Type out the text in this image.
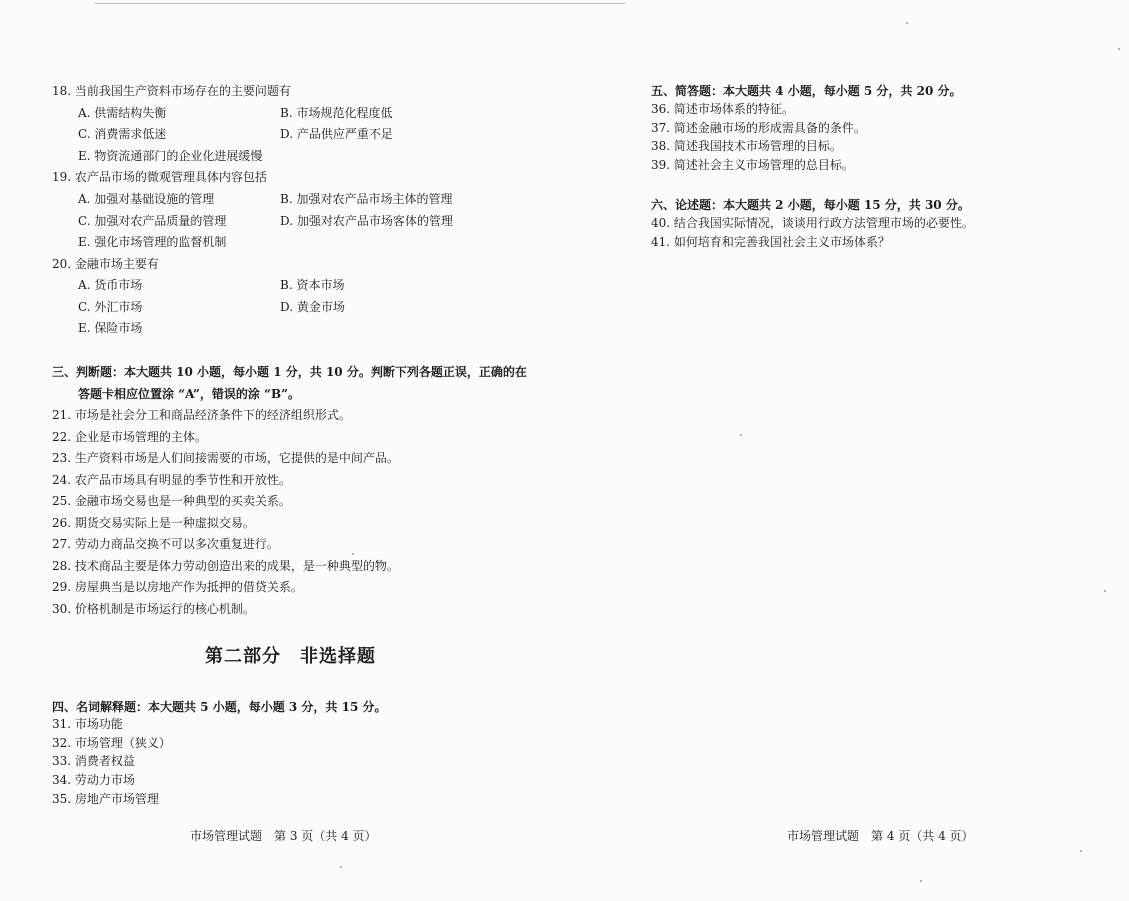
18. 当前我国生产资料市场存在的主要问题有
A. 供需结构失衡	B. 市场规范化程度低
C. 消费需求低迷	D. 产品供应严重不足
E. 物资流通部门的企业化进展缓慢
19. 农产品市场的微观管理具体内容包括
A. 加强对基础设施的管理	B. 加强对农产品市场主体的管理
C. 加强对农产品质量的管理	D. 加强对农产品市场客体的管理
E. 强化市场管理的监督机制
20. 金融市场主要有
A. 货币市场	B. 资本市场
C. 外汇市场	D. 黄金市场
E. 保险市场
三、判断题：本大题共 10 小题，每小题 1 分，共 10 分。判断下列各题正误，正确的在
答题卡相应位置涂 “A”，错误的涂 “B”。
21. 市场是社会分工和商品经济条件下的经济组织形式。
22. 企业是市场管理的主体。
23. 生产资料市场是人们间接需要的市场，它提供的是中间产品。
24. 农产品市场具有明显的季节性和开放性。
25. 金融市场交易也是一种典型的买卖关系。
26. 期货交易实际上是一种虚拟交易。
27. 劳动力商品交换不可以多次重复进行。
28. 技术商品主要是体力劳动创造出来的成果，是一种典型的物。
29. 房屋典当是以房地产作为抵押的借贷关系。
30. 价格机制是市场运行的核心机制。
第二部分　非选择题
四、名词解释题：本大题共 5 小题，每小题 3 分，共 15 分。
31. 市场功能
32. 市场管理（狭义）
33. 消费者权益
34. 劳动力市场
35. 房地产市场管理
市场管理试题　第 3 页（共 4 页）
五、简答题：本大题共 4 小题，每小题 5 分，共 20 分。
36. 简述市场体系的特征。
37. 简述金融市场的形成需具备的条件。
38. 简述我国技术市场管理的目标。
39. 简述社会主义市场管理的总目标。
六、论述题：本大题共 2 小题，每小题 15 分，共 30 分。
40. 结合我国实际情况，谈谈用行政方法管理市场的必要性。
41. 如何培育和完善我国社会主义市场体系？
市场管理试题　第 4 页（共 4 页）
